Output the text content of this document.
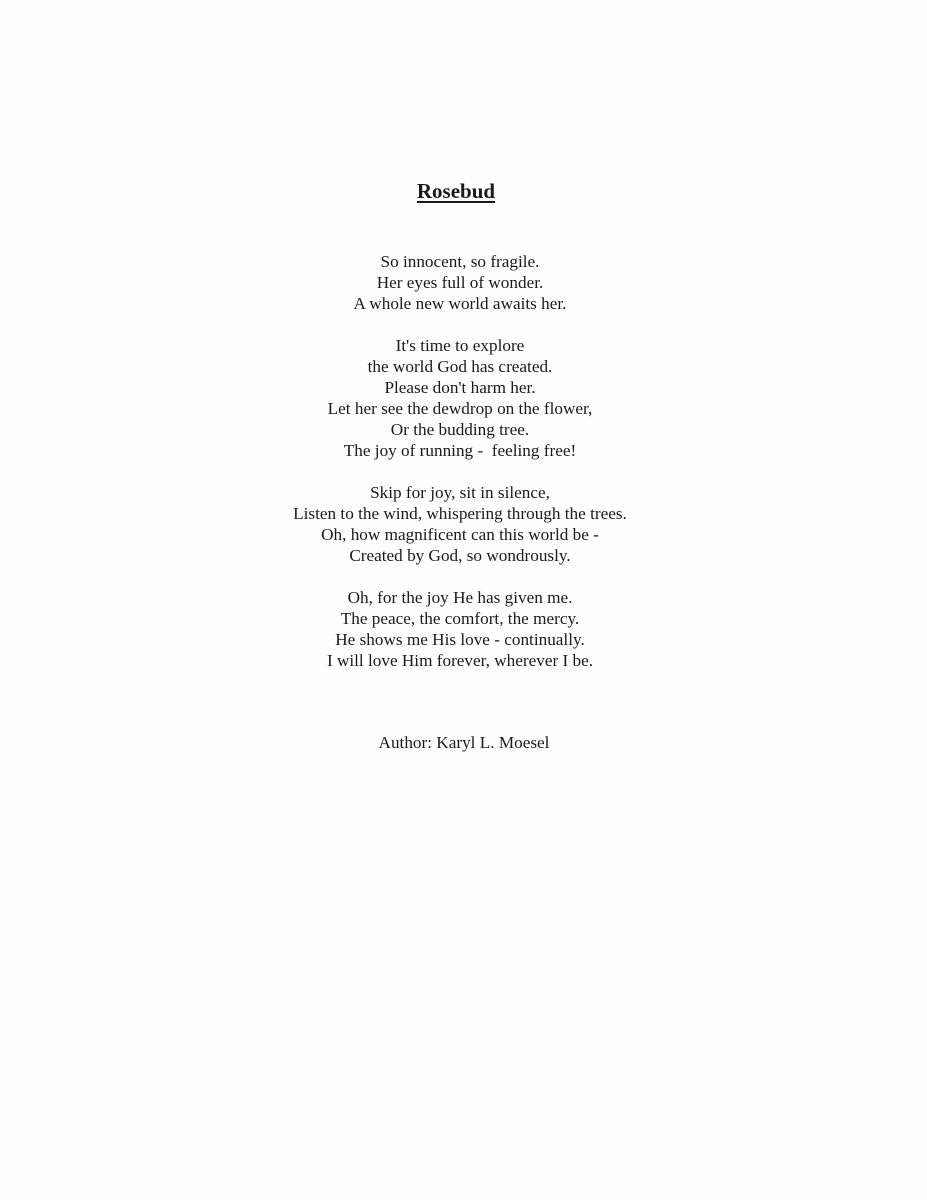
Rosebud
So innocent, so fragile.
Her eyes full of wonder.
A whole new world awaits her.
It's time to explore
the world God has created.
Please don't harm her.
Let her see the dewdrop on the flower,
Or the budding tree.
The joy of running -  feeling free!
Skip for joy, sit in silence,
Listen to the wind, whispering through the trees.
Oh, how magnificent can this world be -
Created by God, so wondrously.
Oh, for the joy He has given me.
The peace, the comfort, the mercy.
He shows me His love - continually.
I will love Him forever, wherever I be.
Author: Karyl L. Moesel
